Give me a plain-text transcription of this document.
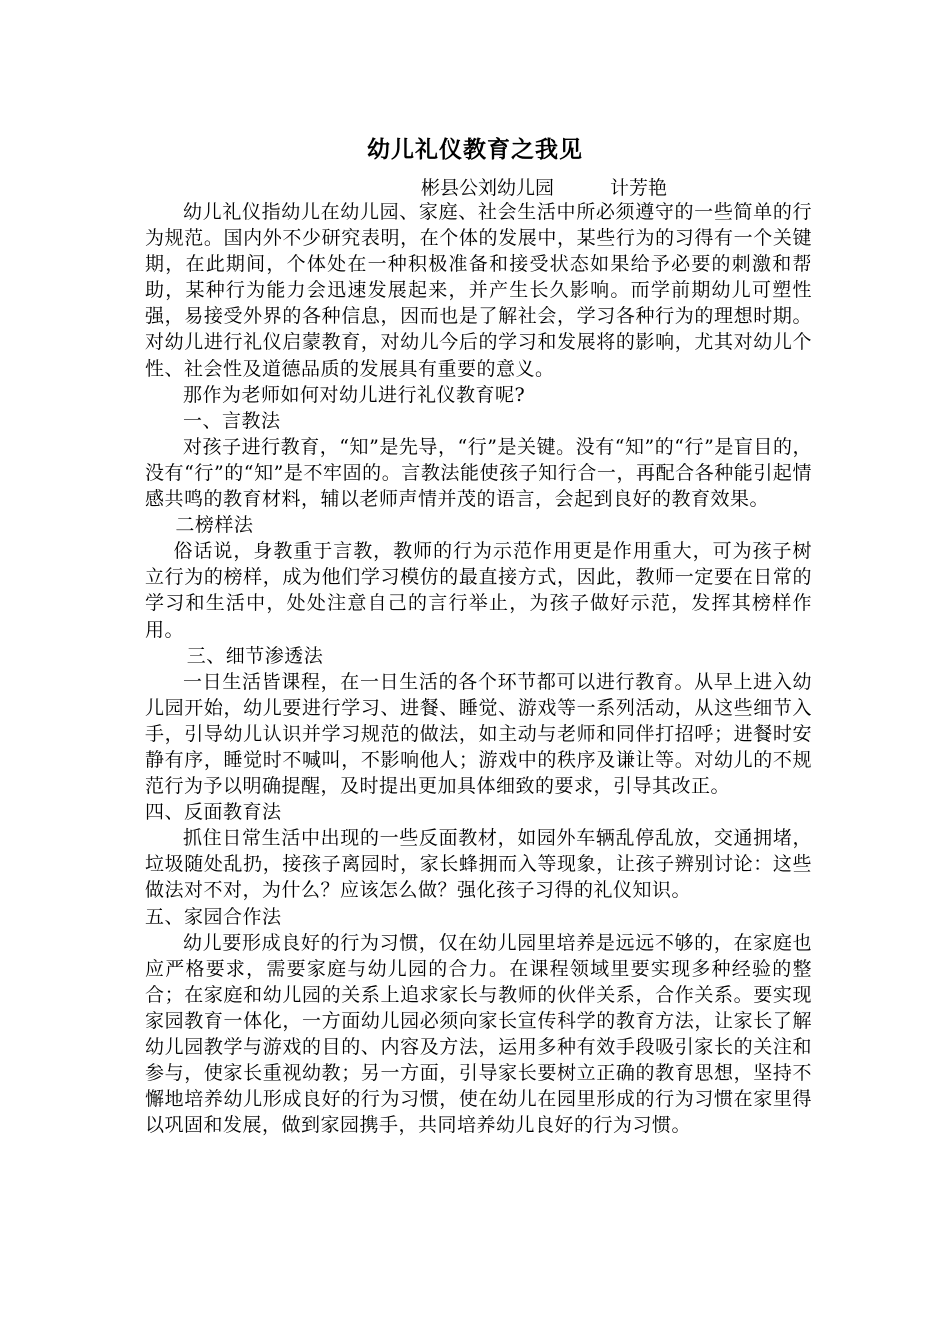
幼儿礼仪教育之我见
彬县公刘幼儿园	计芳艳

幼儿礼仪指幼儿在幼儿园、家庭、社会生活中所必须遵守的一些简单的行为规范。国内外不少研究表明，在个体的发展中，某些行为的习得有一个关键期，在此期间，个体处在一种积极准备和接受状态如果给予必要的刺激和帮助，某种行为能力会迅速发展起来，并产生长久影响。而学前期幼儿可塑性强，易接受外界的各种信息，因而也是了解社会，学习各种行为的理想时期。对幼儿进行礼仪启蒙教育，对幼儿今后的学习和发展将的影响，尤其对幼儿个性、社会性及道德品质的发展具有重要的意义。

那作为老师如何对幼儿进行礼仪教育呢?

一、言教法

对孩子进行教育，“知”是先导，“行”是关键。没有“知”的“行”是盲目的，没有“行”的“知”是不牢固的。言教法能使孩子知行合一，再配合各种能引起情感共鸣的教育材料，辅以老师声情并茂的语言，会起到良好的教育效果。

二榜样法

俗话说，身教重于言教，教师的行为示范作用更是作用重大，可为孩子树立行为的榜样，成为他们学习模仿的最直接方式，因此，教师一定要在日常的学习和生活中，处处注意自己的言行举止，为孩子做好示范，发挥其榜样作用。

三、细节渗透法

一日生活皆课程，在一日生活的各个环节都可以进行教育。从早上进入幼儿园开始，幼儿要进行学习、进餐、睡觉、游戏等一系列活动，从这些细节入手，引导幼儿认识并学习规范的做法，如主动与老师和同伴打招呼；进餐时安静有序，睡觉时不喊叫，不影响他人；游戏中的秩序及谦让等。对幼儿的不规范行为予以明确提醒，及时提出更加具体细致的要求，引导其改正。

四、反面教育法

抓住日常生活中出现的一些反面教材，如园外车辆乱停乱放，交通拥堵，垃圾随处乱扔，接孩子离园时，家长蜂拥而入等现象，让孩子辨别讨论：这些做法对不对，为什么？应该怎么做？强化孩子习得的礼仪知识。

五、家园合作法

幼儿要形成良好的行为习惯，仅在幼儿园里培养是远远不够的，在家庭也应严格要求，需要家庭与幼儿园的合力。在课程领域里要实现多种经验的整合；在家庭和幼儿园的关系上追求家长与教师的伙伴关系，合作关系。要实现家园教育一体化，一方面幼儿园必须向家长宣传科学的教育方法，让家长了解幼儿园教学与游戏的目的、内容及方法，运用多种有效手段吸引家长的关注和参与，使家长重视幼教；另一方面，引导家长要树立正确的教育思想，坚持不懈地培养幼儿形成良好的行为习惯，使在幼儿在园里形成的行为习惯在家里得以巩固和发展，做到家园携手，共同培养幼儿良好的行为习惯。
